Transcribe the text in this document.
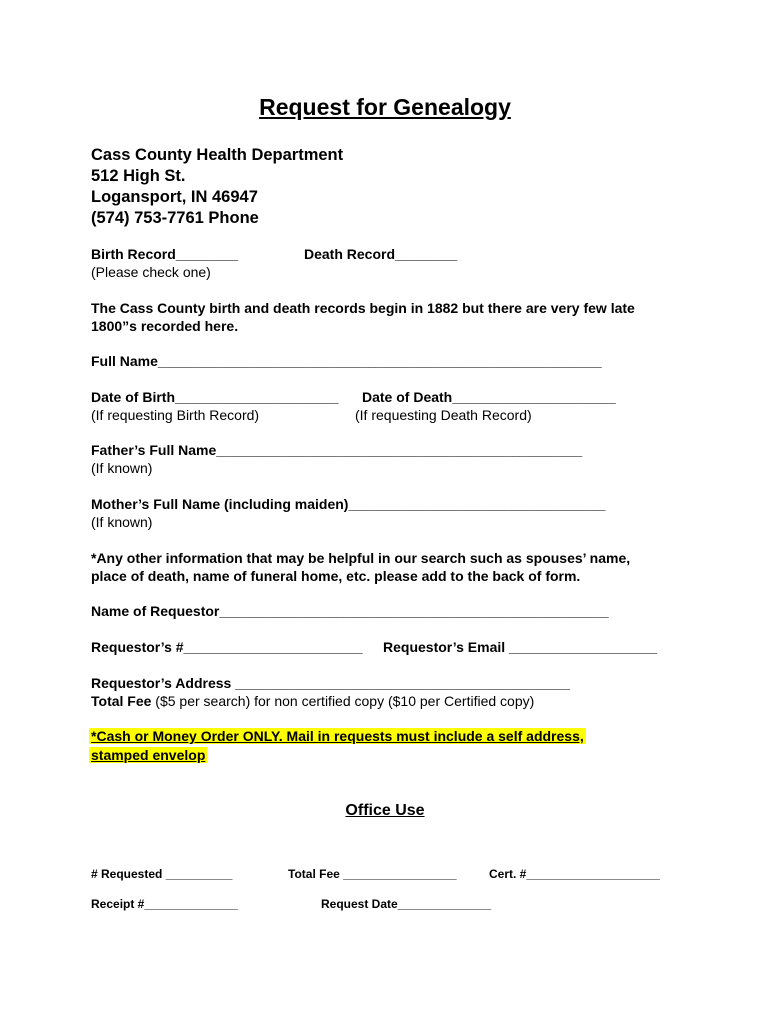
Request for Genealogy
Cass County Health Department
512 High St.
Logansport, IN 46947
(574) 753-7761 Phone
Birth Record________	Death Record________
(Please check one)
The Cass County birth and death records begin in 1882 but there are very few late
1800”s recorded here.
Full Name_________________________________________________________
Date of Birth_____________________ Date of Death_____________________
(If requesting Birth Record)	(If requesting Death Record)
Father’s Full Name_______________________________________________
(If known)
Mother’s Full Name (including maiden)_________________________________
(If known)
*Any other information that may be helpful in our search such as spouses’ name,
place of death, name of funeral home, etc. please add to the back of form.
Name of Requestor__________________________________________________
Requestor’s #_______________________ Requestor’s Email ___________________
Requestor’s Address ___________________________________________
Total Fee ($5 per search) for non certified copy ($10 per Certified copy)
*Cash or Money Order ONLY. Mail in requests must include a self address, stamped envelop
Office Use
# Requested __________	Total Fee _________________	Cert. #____________________
Receipt #______________	Request Date______________
